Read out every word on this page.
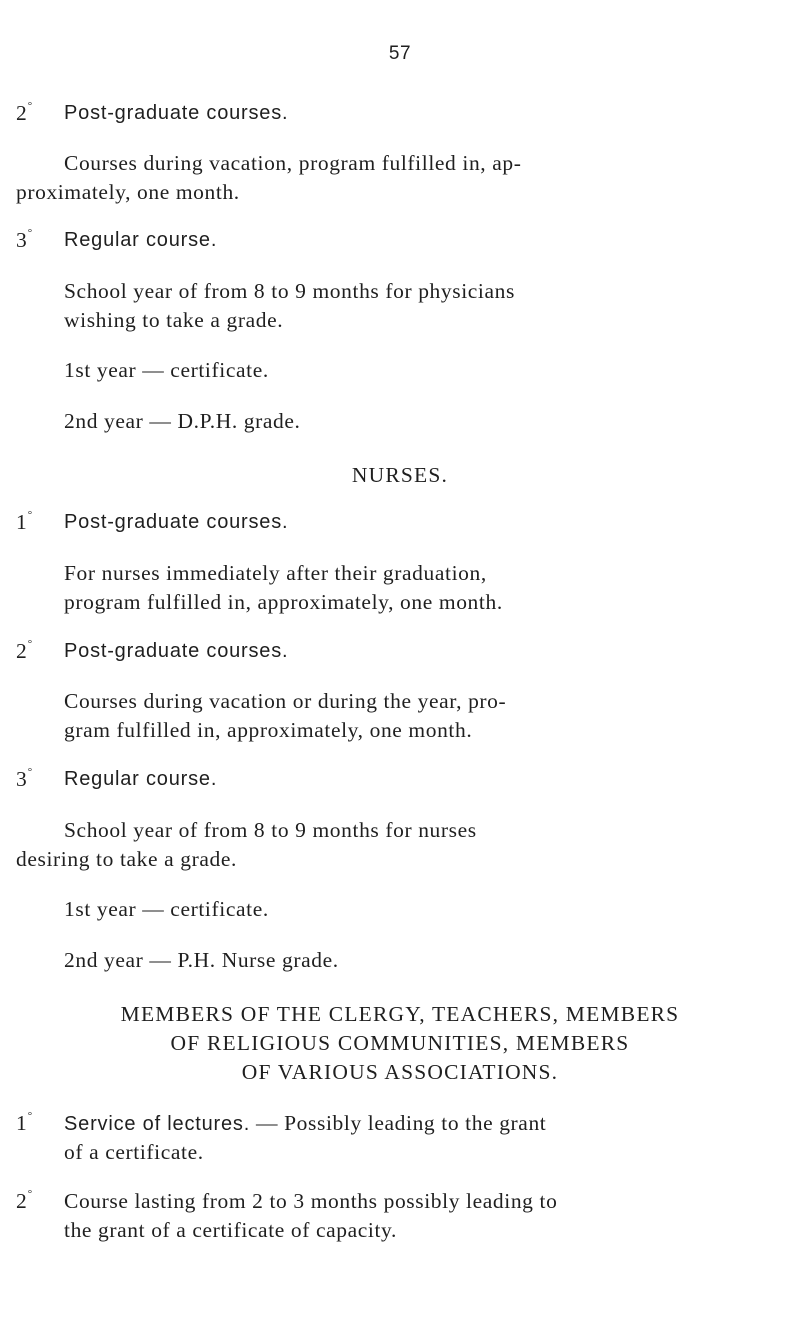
57
2° Post-graduate courses.
Courses during vacation, program fulfilled in, ap-
proximately, one month.
3° Regular course.
School year of from 8 to 9 months for physicians
wishing to take a grade.
1st year — certificate.
2nd year — D.P.H. grade.
NURSES.
1° Post-graduate courses.
For nurses immediately after their graduation,
program fulfilled in, approximately, one month.
2° Post-graduate courses.
Courses during vacation or during the year, pro-
gram fulfilled in, approximately, one month.
3° Regular course.
School year of from 8 to 9 months for nurses
desiring to take a grade.
1st year — certificate.
2nd year — P.H. Nurse grade.
MEMBERS OF THE CLERGY, TEACHERS, MEMBERS
OF RELIGIOUS COMMUNITIES, MEMBERS
OF VARIOUS ASSOCIATIONS.
1° Service of lectures. — Possibly leading to the grant
of a certificate.
2° Course lasting from 2 to 3 months possibly leading to
the grant of a certificate of capacity.
